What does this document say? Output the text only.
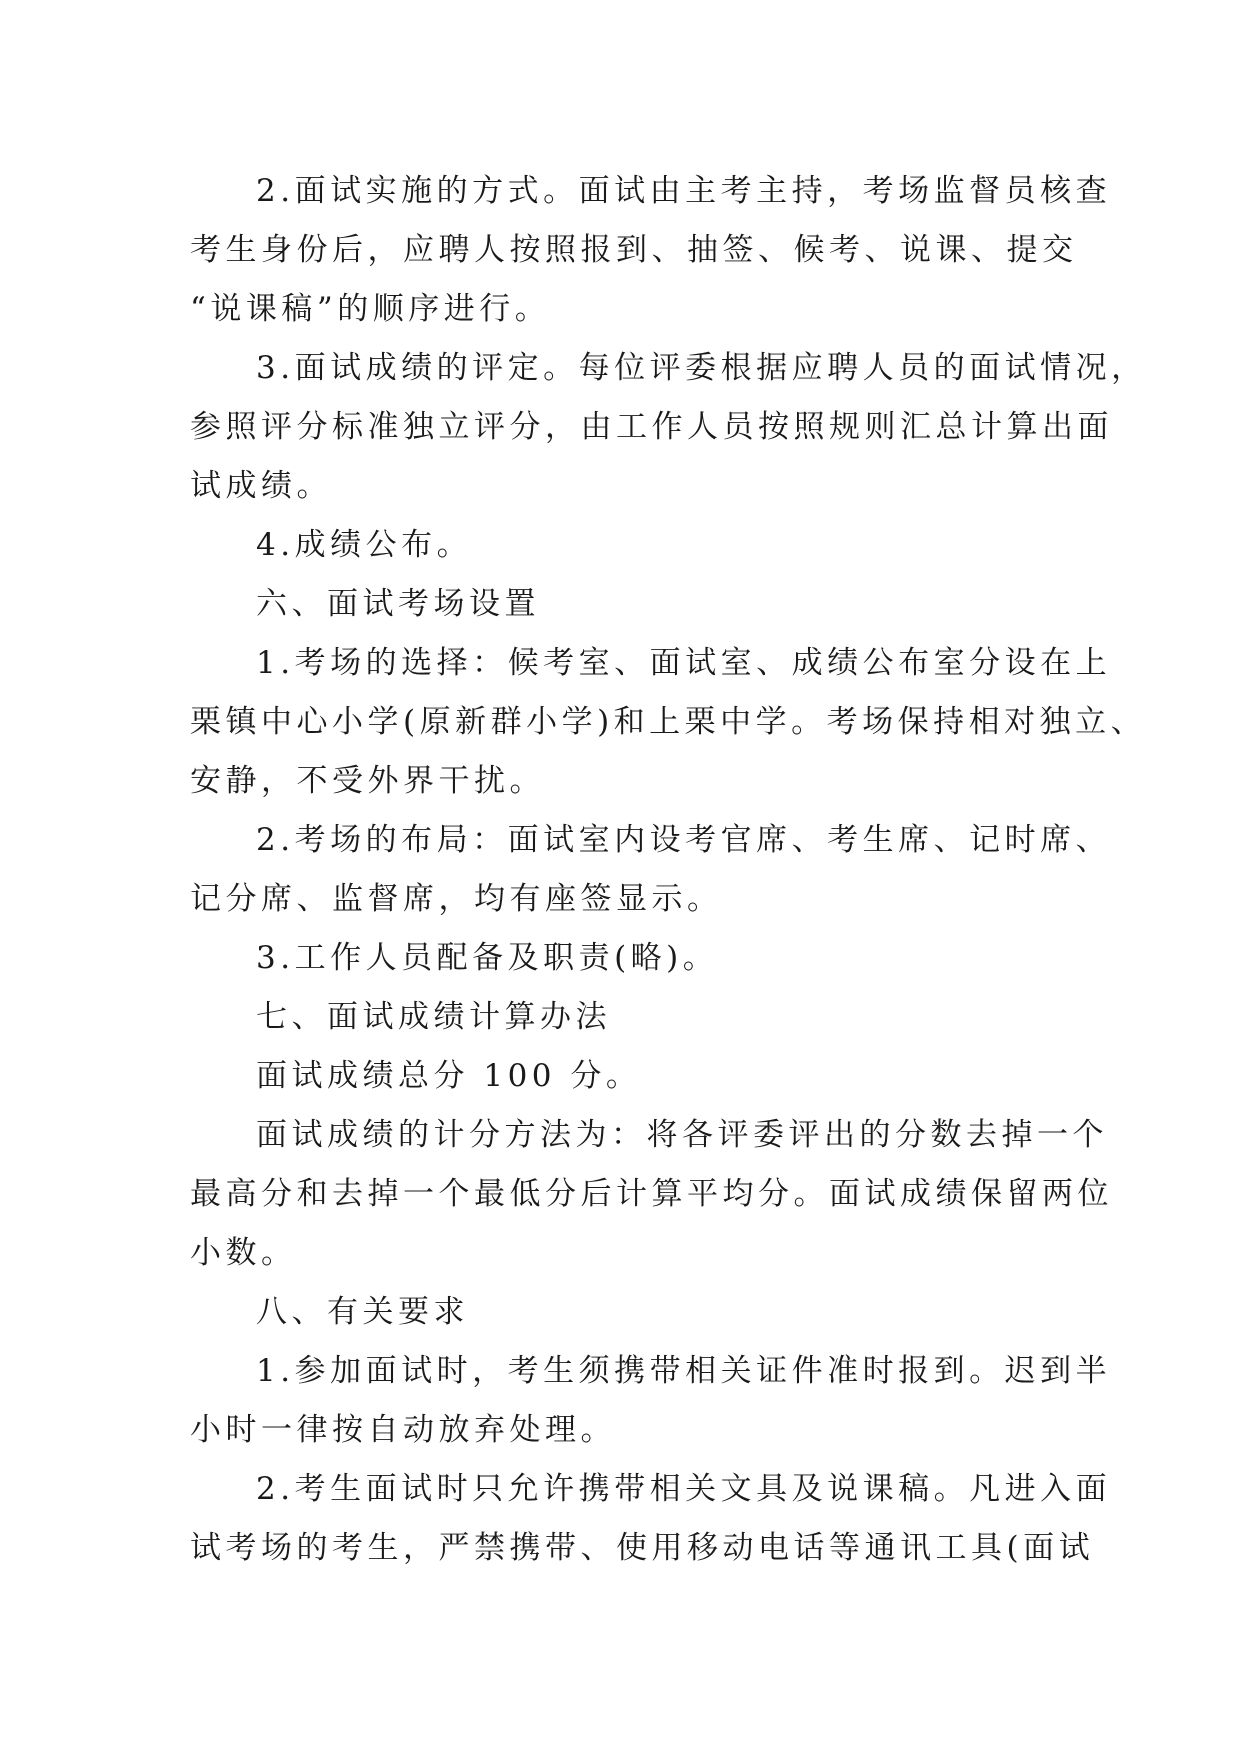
2.面试实施的方式。面试由主考主持，考场监督员核查
考生身份后，应聘人按照报到、抽签、候考、说课、提交
“说课稿”的顺序进行。
3.面试成绩的评定。每位评委根据应聘人员的面试情况，
参照评分标准独立评分，由工作人员按照规则汇总计算出面
试成绩。
4.成绩公布。
六、面试考场设置
1.考场的选择：候考室、面试室、成绩公布室分设在上
栗镇中心小学(原新群小学)和上栗中学。考场保持相对独立、
安静，不受外界干扰。
2.考场的布局：面试室内设考官席、考生席、记时席、
记分席、监督席，均有座签显示。
3.工作人员配备及职责(略)。
七、面试成绩计算办法
面试成绩总分 100 分。
面试成绩的计分方法为：将各评委评出的分数去掉一个
最高分和去掉一个最低分后计算平均分。面试成绩保留两位
小数。
八、有关要求
1.参加面试时，考生须携带相关证件准时报到。迟到半
小时一律按自动放弃处理。
2.考生面试时只允许携带相关文具及说课稿。凡进入面
试考场的考生，严禁携带、使用移动电话等通讯工具(面试
